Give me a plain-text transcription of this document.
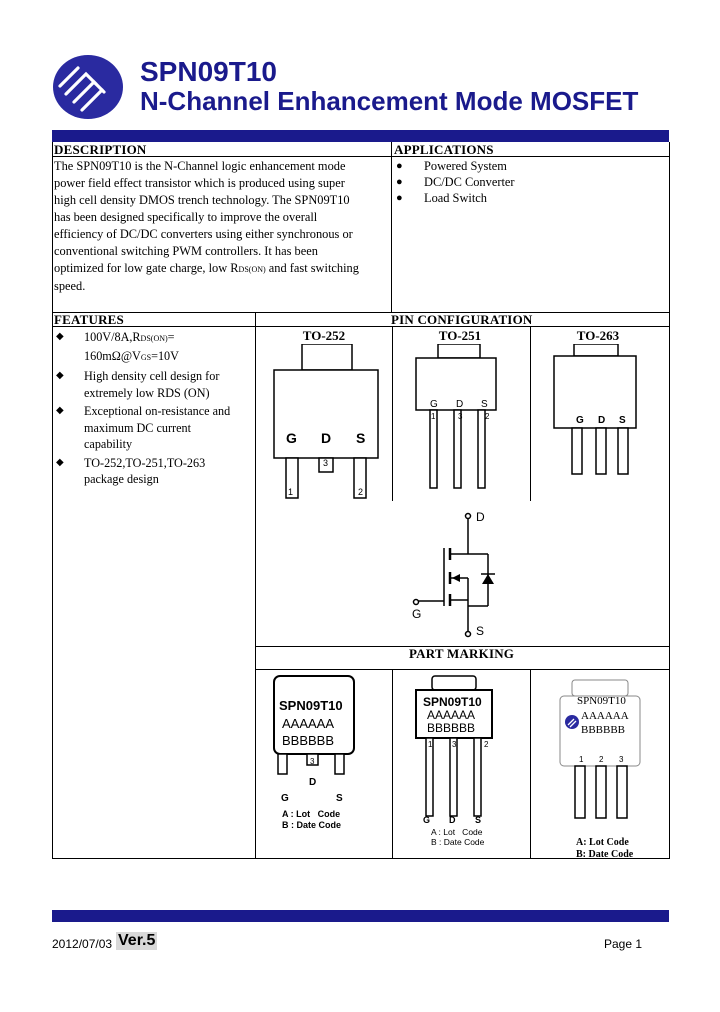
SPN09T10
N-Channel Enhancement Mode MOSFET
DESCRIPTION
The SPN09T10 is the N-Channel logic enhancement mode
power field effect transistor which is produced using super
high cell density DMOS trench technology. The SPN09T10
has been designed specifically to improve the overall
efficiency of DC/DC converters using either synchronous or
conventional switching PWM controllers. It has been
optimized for low gate charge, low RDS(ON) and fast switching
speed.
APPLICATIONS
● Powered System
● DC/DC Converter
● Load Switch
FEATURES
◆ 100V/8A,RDS(ON)=
160mΩ@VGS=10V
◆ High density cell design for
extremely low RDS (ON)
◆ Exceptional on-resistance and
maximum DC current
capability
◆ TO-252,TO-251,TO-263
package design
PIN CONFIGURATION
TO-252	TO-251	TO-263
G D S
3
1	2
G D S
1	3	2	G D S
D
G
S
PART MARKING
SPN09T10
AAAAAA
BBBBBB
3
D
G	S
A : Lot   Code
B : Date Code
SPN09T10
AAAAAA
BBBBBB
1 3	2
G D S
A : Lot   Code
B : Date Code
SPN09T10
AAAAAA
BBBBBB
1 2 3
A: Lot Code
B: Date Code
2012/07/03 Ver.5	Page 1
